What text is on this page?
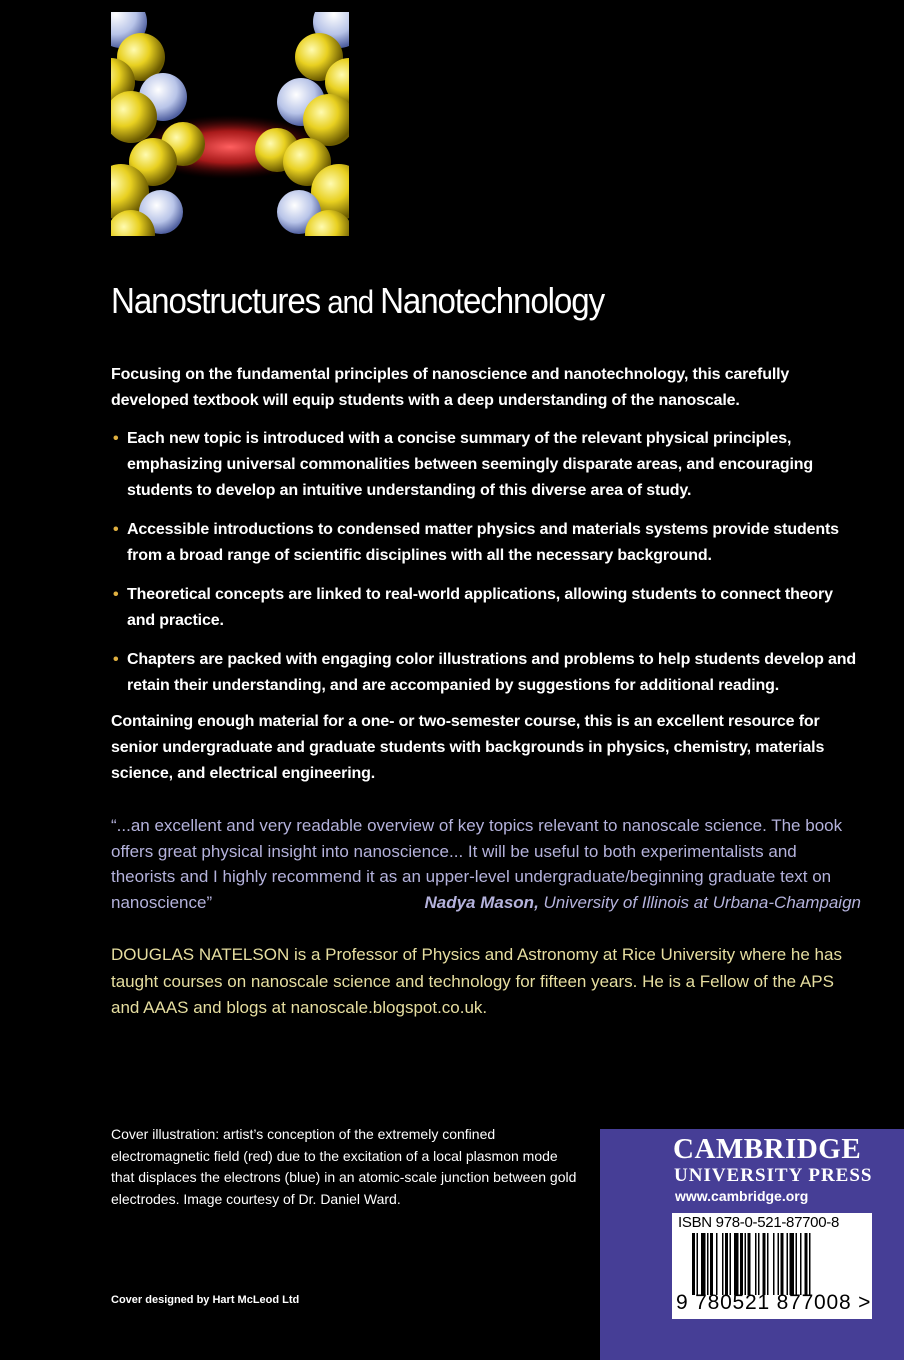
Nanostructures and Nanotechnology

Focusing on the fundamental principles of nanoscience and nanotechnology, this carefully developed textbook will equip students with a deep understanding of the nanoscale.

• Each new topic is introduced with a concise summary of the relevant physical principles, emphasizing universal commonalities between seemingly disparate areas, and encouraging students to develop an intuitive understanding of this diverse area of study.

• Accessible introductions to condensed matter physics and materials systems provide students from a broad range of scientific disciplines with all the necessary background.

• Theoretical concepts are linked to real-world applications, allowing students to connect theory and practice.

• Chapters are packed with engaging color illustrations and problems to help students develop and retain their understanding, and are accompanied by suggestions for additional reading.

Containing enough material for a one- or two-semester course, this is an excellent resource for senior undergraduate and graduate students with backgrounds in physics, chemistry, materials science, and electrical engineering.

“...an excellent and very readable overview of key topics relevant to nanoscale science. The book offers great physical insight into nanoscience... It will be useful to both experimentalists and theorists and I highly recommend it as an upper-level undergraduate/beginning graduate text on nanoscience”	Nadya Mason, University of Illinois at Urbana-Champaign
DOUGLAS NATELSON is a Professor of Physics and Astronomy at Rice University where he has taught courses on nanoscale science and technology for fifteen years. He is a Fellow of the APS and AAAS and blogs at nanoscale.blogspot.co.uk.
Cover illustration: artist’s conception of the extremely confined electromagnetic field (red) due to the excitation of a local plasmon mode that displaces the electrons (blue) in an atomic-scale junction between gold electrodes. Image courtesy of Dr. Daniel Ward.
Cover designed by Hart McLeod Ltd
CAMBRIDGE
UNIVERSITY PRESS
www.cambridge.org
ISBN 978-0-521-87700-8
9 780521 877008 >
